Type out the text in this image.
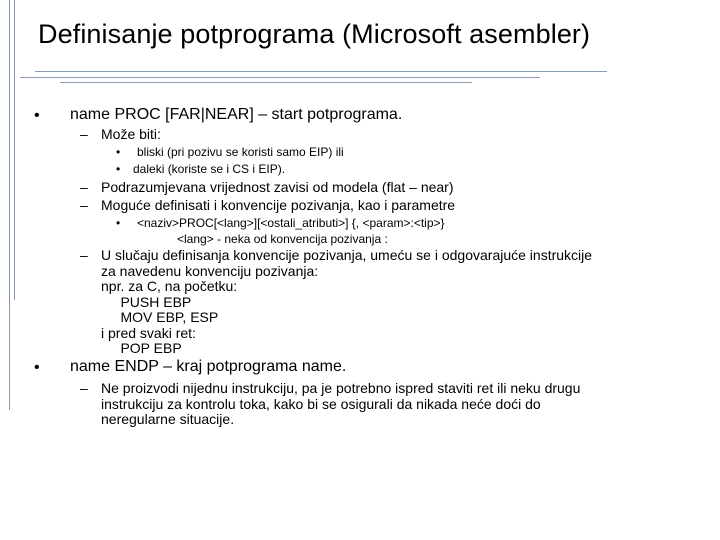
Definisanje potprograma (Microsoft asembler)
• name PROC [FAR|NEAR] – start potprograma.
– Može biti:
• bliski (pri pozivu se koristi samo EIP) ili
• daleki (koriste se i CS i EIP).
– Podrazumjevana vrijednost zavisi od modela (flat – near)
– Moguće definisati i konvencije pozivanja, kao i parametre
• <naziv>PROC[<lang>][<ostali_atributi>] {, <param>:<tip>}
<lang> - neka od konvencija pozivanja :
– U slučaju definisanja konvencije pozivanja, umeću se i odgovarajuće instrukcije
za navedenu konvenciju pozivanja:
npr. za C, na početku:
PUSH EBP
MOV EBP, ESP
i pred svaki ret:
POP EBP
• name ENDP – kraj potprograma name.
– Ne proizvodi nijednu instrukciju, pa je potrebno ispred staviti ret ili neku drugu
instrukciju za kontrolu toka, kako bi se osigurali da nikada neće doći do
neregularne situacije.
